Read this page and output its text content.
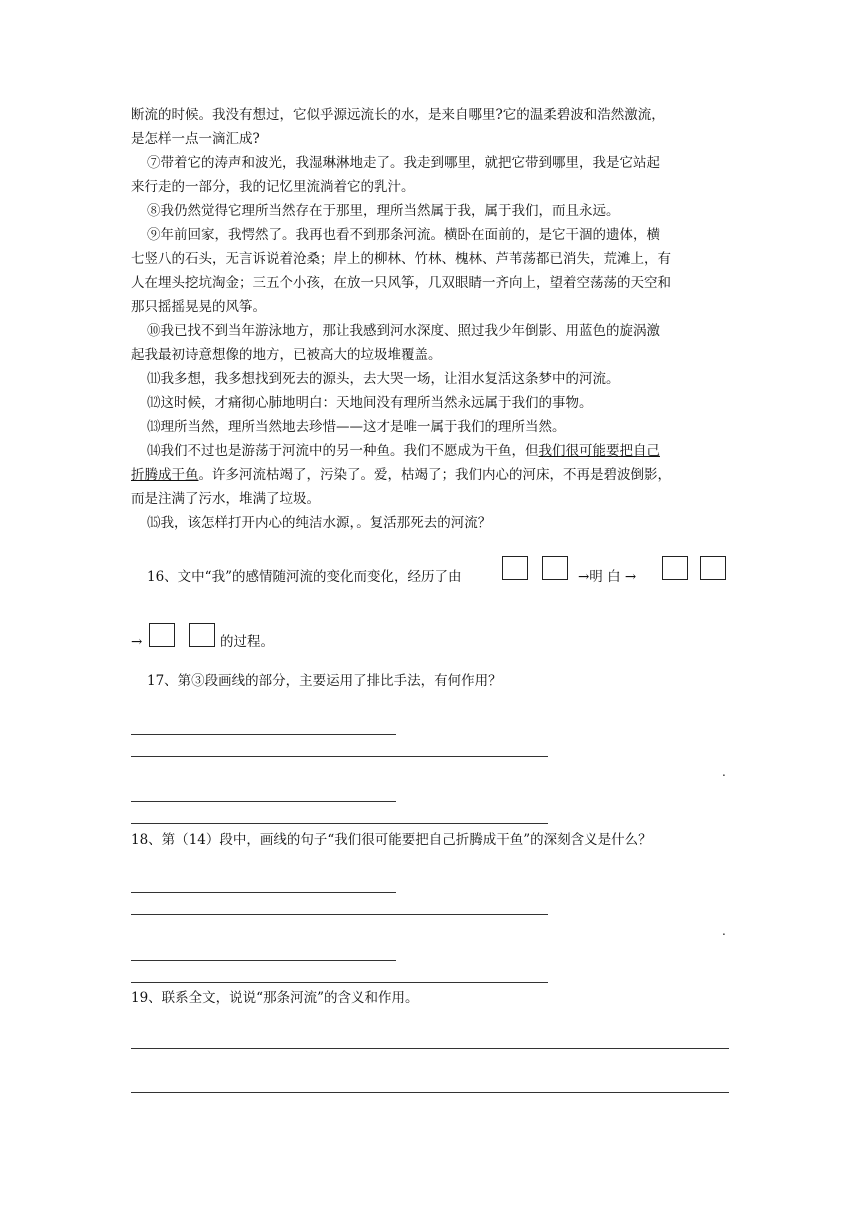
断流的时候。我没有想过，它似乎源远流长的水，是来自哪里?它的温柔碧波和浩然激流，
是怎样一点一滴汇成?
⑦带着它的涛声和波光，我湿琳淋地走了。我走到哪里，就把它带到哪里，我是它站起
来行走的一部分，我的记忆里流淌着它的乳汁。
⑧我仍然觉得它理所当然存在于那里，理所当然属于我，属于我们，而且永远。
⑨年前回家，我愕然了。我再也看不到那条河流。横卧在面前的，是它干涸的遗体，横
七竖八的石头，无言诉说着沧桑；岸上的柳林、竹林、槐林、芦苇荡都已消失，荒滩上，有
人在埋头挖坑淘金；三五个小孩，在放一只风筝，几双眼睛一齐向上，望着空荡荡的天空和
那只摇摇晃晃的风筝。
⑩我已找不到当年游泳地方，那让我感到河水深度、照过我少年倒影、用蓝色的旋涡激
起我最初诗意想像的地方，已被高大的垃圾堆覆盖。
⑾我多想，我多想找到死去的源头，去大哭一场，让泪水复活这条梦中的河流。
⑿这时候，才痛彻心肺地明白：天地间没有理所当然永远属于我们的事物。
⒀理所当然，理所当然地去珍惜——这才是唯一属于我们的理所当然。
⒁我们不过也是游荡于河流中的另一种鱼。我们不愿成为干鱼，但我们很可能要把自己
折腾成干鱼。许多河流枯竭了，污染了。爱，枯竭了；我们内心的河床，不再是碧波倒影，
而是注满了污水，堆满了垃圾。
⒂我，该怎样打开内心的纯洁水源，。复活那死去的河流？
16、文中“我”的感情随河流的变化而变化，经历了由	→明 白 →
→	的过程。
17、第③段画线的部分，主要运用了排比手法，有何作用？
.
18、第（14）段中，画线的句子“我们很可能要把自己折腾成干鱼”的深刻含义是什么？
.
19、联系全文，说说“那条河流”的含义和作用。
